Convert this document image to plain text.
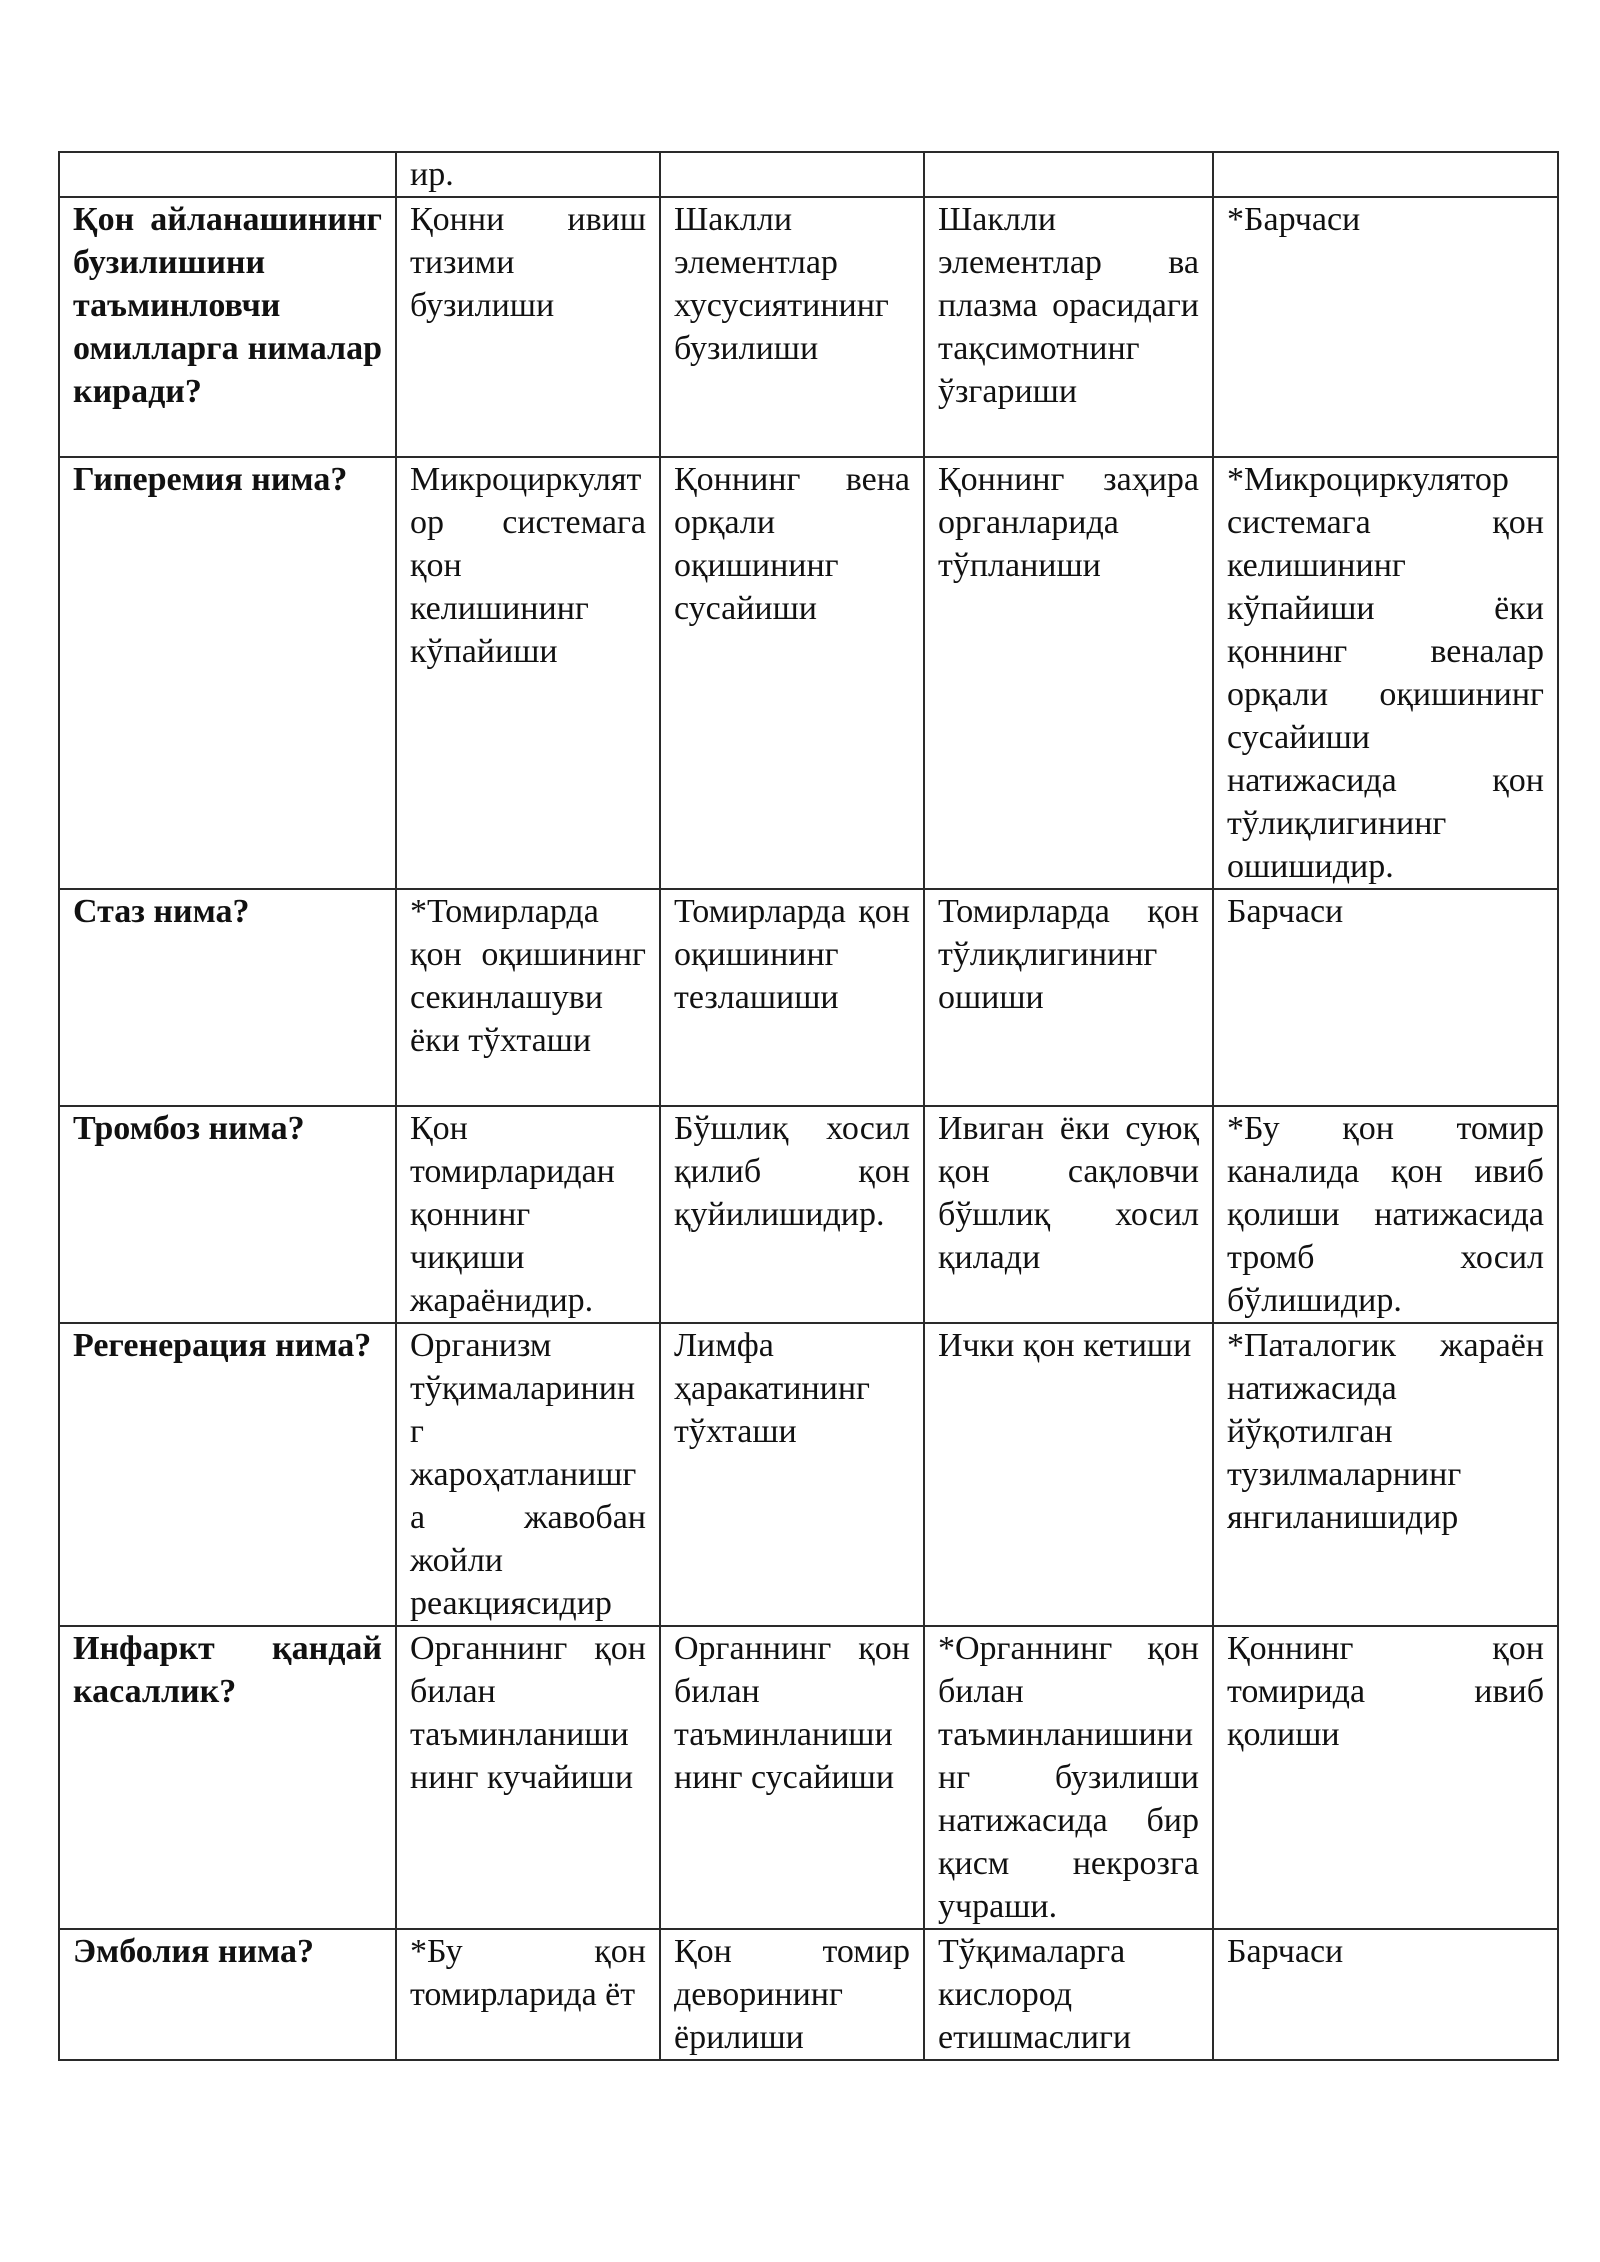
	ир.			
Қон айланашининг бузилишини таъминловчи омилларга нималар киради?	Қонни ивиш тизими бузилиши	Шаклли элементлар хусусиятининг бузилиши	Шаклли элементлар ва плазма орасидаги тақсимотнинг ўзгариши	*Барчаси
Гиперемия нима?	Микроциркулятор системага қон келишининг кўпайиши	Қоннинг вена орқали оқишининг сусайиши	Қоннинг заҳира органларида тўпланиши	*Микроциркулятор системага қон келишининг кўпайиши ёки қоннинг веналар орқали оқишининг сусайиши натижасида қон тўлиқлигининг ошишидир.
Стаз нима?	*Томирларда қон оқишининг секинлашуви ёки тўхташи	Томирларда қон оқишининг тезлашиши	Томирларда қон тўлиқлигининг ошиши	Барчаси
Тромбоз нима?	Қон томирларидан қоннинг чиқиши жараёнидир.	Бўшлиқ хосил қилиб қон қуйилишидир.	Ивиган ёки суюқ қон сақловчи бўшлиқ хосил қилади	*Бу қон томир каналида қон ивиб қолиши натижасида тромб хосил бўлишидир.
Регенерация нима?	Организм тўқималарининг жароҳатланишга жавобан жойли реакциясидир	Лимфа ҳаракатининг тўхташи	Ички қон кетиши	*Паталогик жараён натижасида йўқотилган тузилмаларнинг янгиланишидир
Инфаркт қандай касаллик?	Органнинг қон билан таъминланишининг кучайиши	Органнинг қон билан таъминланишининг сусайиши	*Органнинг қон билан таъминланишининг бузилиши натижасида бир қисм некрозга учраши.	Қоннинг қон томирида ивиб қолиши
Эмболия нима?	*Бу қон томирларида ёт	Қон томир деворининг ёрилиши	Тўқималарга кислород етишмаслиги	Барчаси
